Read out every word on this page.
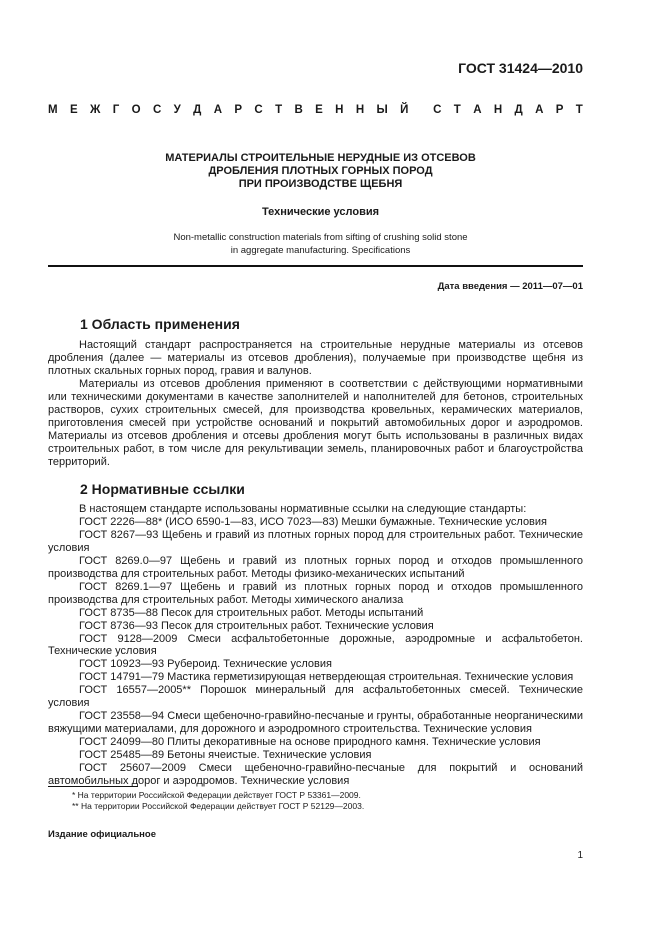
ГОСТ 31424—2010
М Е Ж Г О С У Д А Р С Т В Е Н Н Ы Й С Т А Н Д А Р Т
МАТЕРИАЛЫ СТРОИТЕЛЬНЫЕ НЕРУДНЫЕ ИЗ ОТСЕВОВ
ДРОБЛЕНИЯ ПЛОТНЫХ ГОРНЫХ ПОРОД
ПРИ ПРОИЗВОДСТВЕ ЩЕБНЯ
Технические условия
Non-metallic construction materials from sifting of crushing solid stone
in aggregate manufacturing. Specifications
Дата введения — 2011—07—01
1 Область применения

Настоящий стандарт распространяется на строительные нерудные материалы из отсевов дробления (далее — материалы из отсевов дробления), получаемые при производстве щебня из плотных скальных горных пород, гравия и валунов.

Материалы из отсевов дробления применяют в соответствии с действующими нормативными или техническими документами в качестве заполнителей и наполнителей для бетонов, строительных растворов, сухих строительных смесей, для производства кровельных, керамических материалов, приготовления смесей при устройстве оснований и покрытий автомобильных дорог и аэродромов. Материалы из отсевов дробления и отсевы дробления могут быть использованы в различных видах строительных работ, в том числе для рекультивации земель, планировочных работ и благоустройства территорий.

2 Нормативные ссылки

В настоящем стандарте использованы нормативные ссылки на следующие стандарты:

ГОСТ 2226—88* (ИСО 6590-1—83, ИСО 7023—83) Мешки бумажные. Технические условия

ГОСТ 8267—93 Щебень и гравий из плотных горных пород для строительных работ. Технические условия

ГОСТ 8269.0—97 Щебень и гравий из плотных горных пород и отходов промышленного производства для строительных работ. Методы физико-механических испытаний

ГОСТ 8269.1—97 Щебень и гравий из плотных горных пород и отходов промышленного производства для строительных работ. Методы химического анализа

ГОСТ 8735—88 Песок для строительных работ. Методы испытаний

ГОСТ 8736—93 Песок для строительных работ. Технические условия

ГОСТ 9128—2009 Смеси асфальтобетонные дорожные, аэродромные и асфальтобетон. Технические условия

ГОСТ 10923—93 Рубероид. Технические условия

ГОСТ 14791—79 Мастика герметизирующая нетвердеющая строительная. Технические условия

ГОСТ 16557—2005** Порошок минеральный для асфальтобетонных смесей. Технические условия

ГОСТ 23558—94 Смеси щебеночно-гравийно-песчаные и грунты, обработанные неорганическими вяжущими материалами, для дорожного и аэродромного строительства. Технические условия

ГОСТ 24099—80 Плиты декоративные на основе природного камня. Технические условия

ГОСТ 25485—89 Бетоны ячеистые. Технические условия

ГОСТ 25607—2009 Смеси щебеночно-гравийно-песчаные для покрытий и оснований автомобильных дорог и аэродромов. Технические условия

* На территории Российской Федерации действует ГОСТ Р 53361—2009.
** На территории Российской Федерации действует ГОСТ Р 52129—2003.
Издание официальное
1
